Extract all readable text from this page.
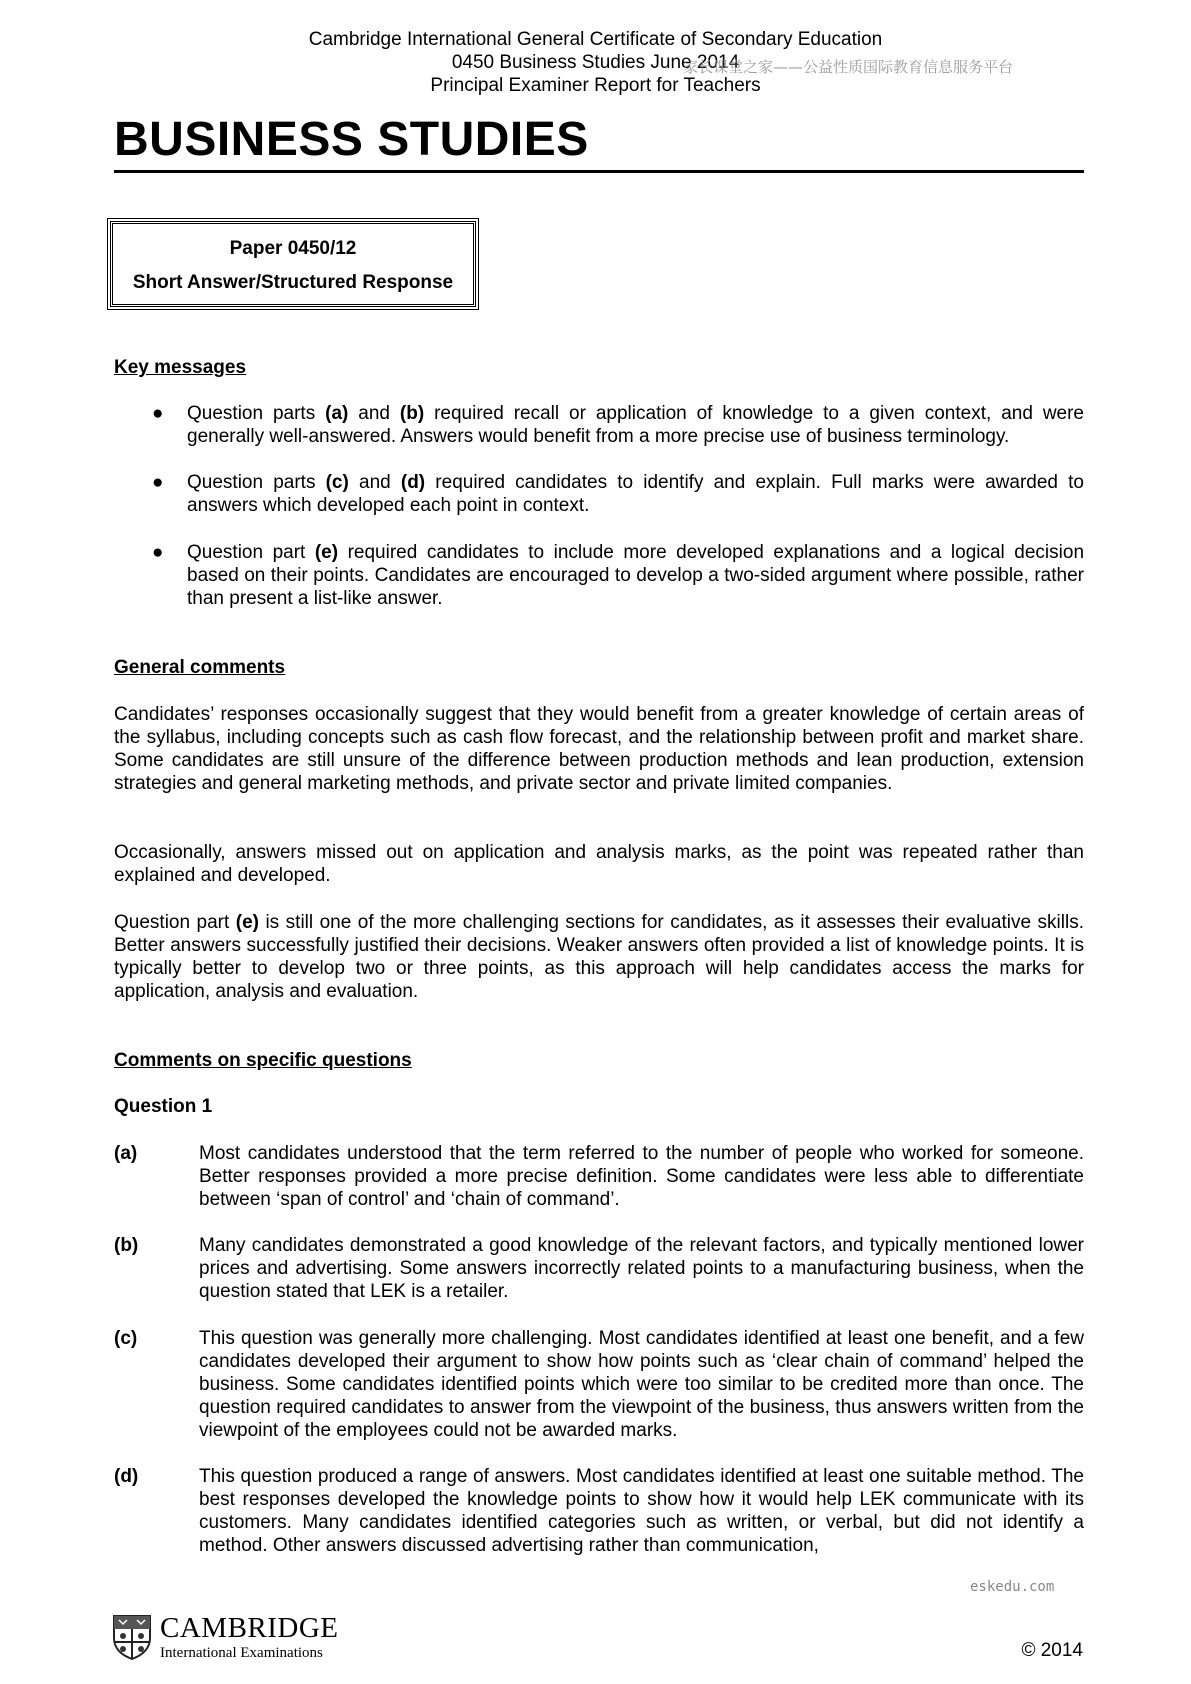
Cambridge International General Certificate of Secondary Education
0450 Business Studies June 2014
Principal Examiner Report for Teachers
家长课堂之家——公益性质国际教育信息服务平台
BUSINESS STUDIES
Paper 0450/12
Short Answer/Structured Response
Key messages
● Question parts (a) and (b) required recall or application of knowledge to a given context, and were generally well-answered. Answers would benefit from a more precise use of business terminology.
● Question parts (c) and (d) required candidates to identify and explain. Full marks were awarded to answers which developed each point in context.
● Question part (e) required candidates to include more developed explanations and a logical decision based on their points. Candidates are encouraged to develop a two-sided argument where possible, rather than present a list-like answer.
General comments

Candidates’ responses occasionally suggest that they would benefit from a greater knowledge of certain areas of the syllabus, including concepts such as cash flow forecast, and the relationship between profit and market share. Some candidates are still unsure of the difference between production methods and lean production, extension strategies and general marketing methods, and private sector and private limited companies.

Occasionally, answers missed out on application and analysis marks, as the point was repeated rather than explained and developed.

Question part (e) is still one of the more challenging sections for candidates, as it assesses their evaluative skills. Better answers successfully justified their decisions. Weaker answers often provided a list of knowledge points. It is typically better to develop two or three points, as this approach will help candidates access the marks for application, analysis and evaluation.

Comments on specific questions
Question 1
(a)	Most candidates understood that the term referred to the number of people who worked for someone. Better responses provided a more precise definition. Some candidates were less able to differentiate between ‘span of control’ and ‘chain of command’.
(b)	Many candidates demonstrated a good knowledge of the relevant factors, and typically mentioned lower prices and advertising. Some answers incorrectly related points to a manufacturing business, when the question stated that LEK is a retailer.
(c)	This question was generally more challenging. Most candidates identified at least one benefit, and a few candidates developed their argument to show how points such as ‘clear chain of command’ helped the business. Some candidates identified points which were too similar to be credited more than once. The question required candidates to answer from the viewpoint of the business, thus answers written from the viewpoint of the employees could not be awarded marks.
(d)	This question produced a range of answers. Most candidates identified at least one suitable method. The best responses developed the knowledge points to show how it would help LEK communicate with its customers. Many candidates identified categories such as written, or verbal, but did not identify a method. Other answers discussed advertising rather than communication,
eskedu.com
CAMBRIDGE
International Examinations	© 2014
